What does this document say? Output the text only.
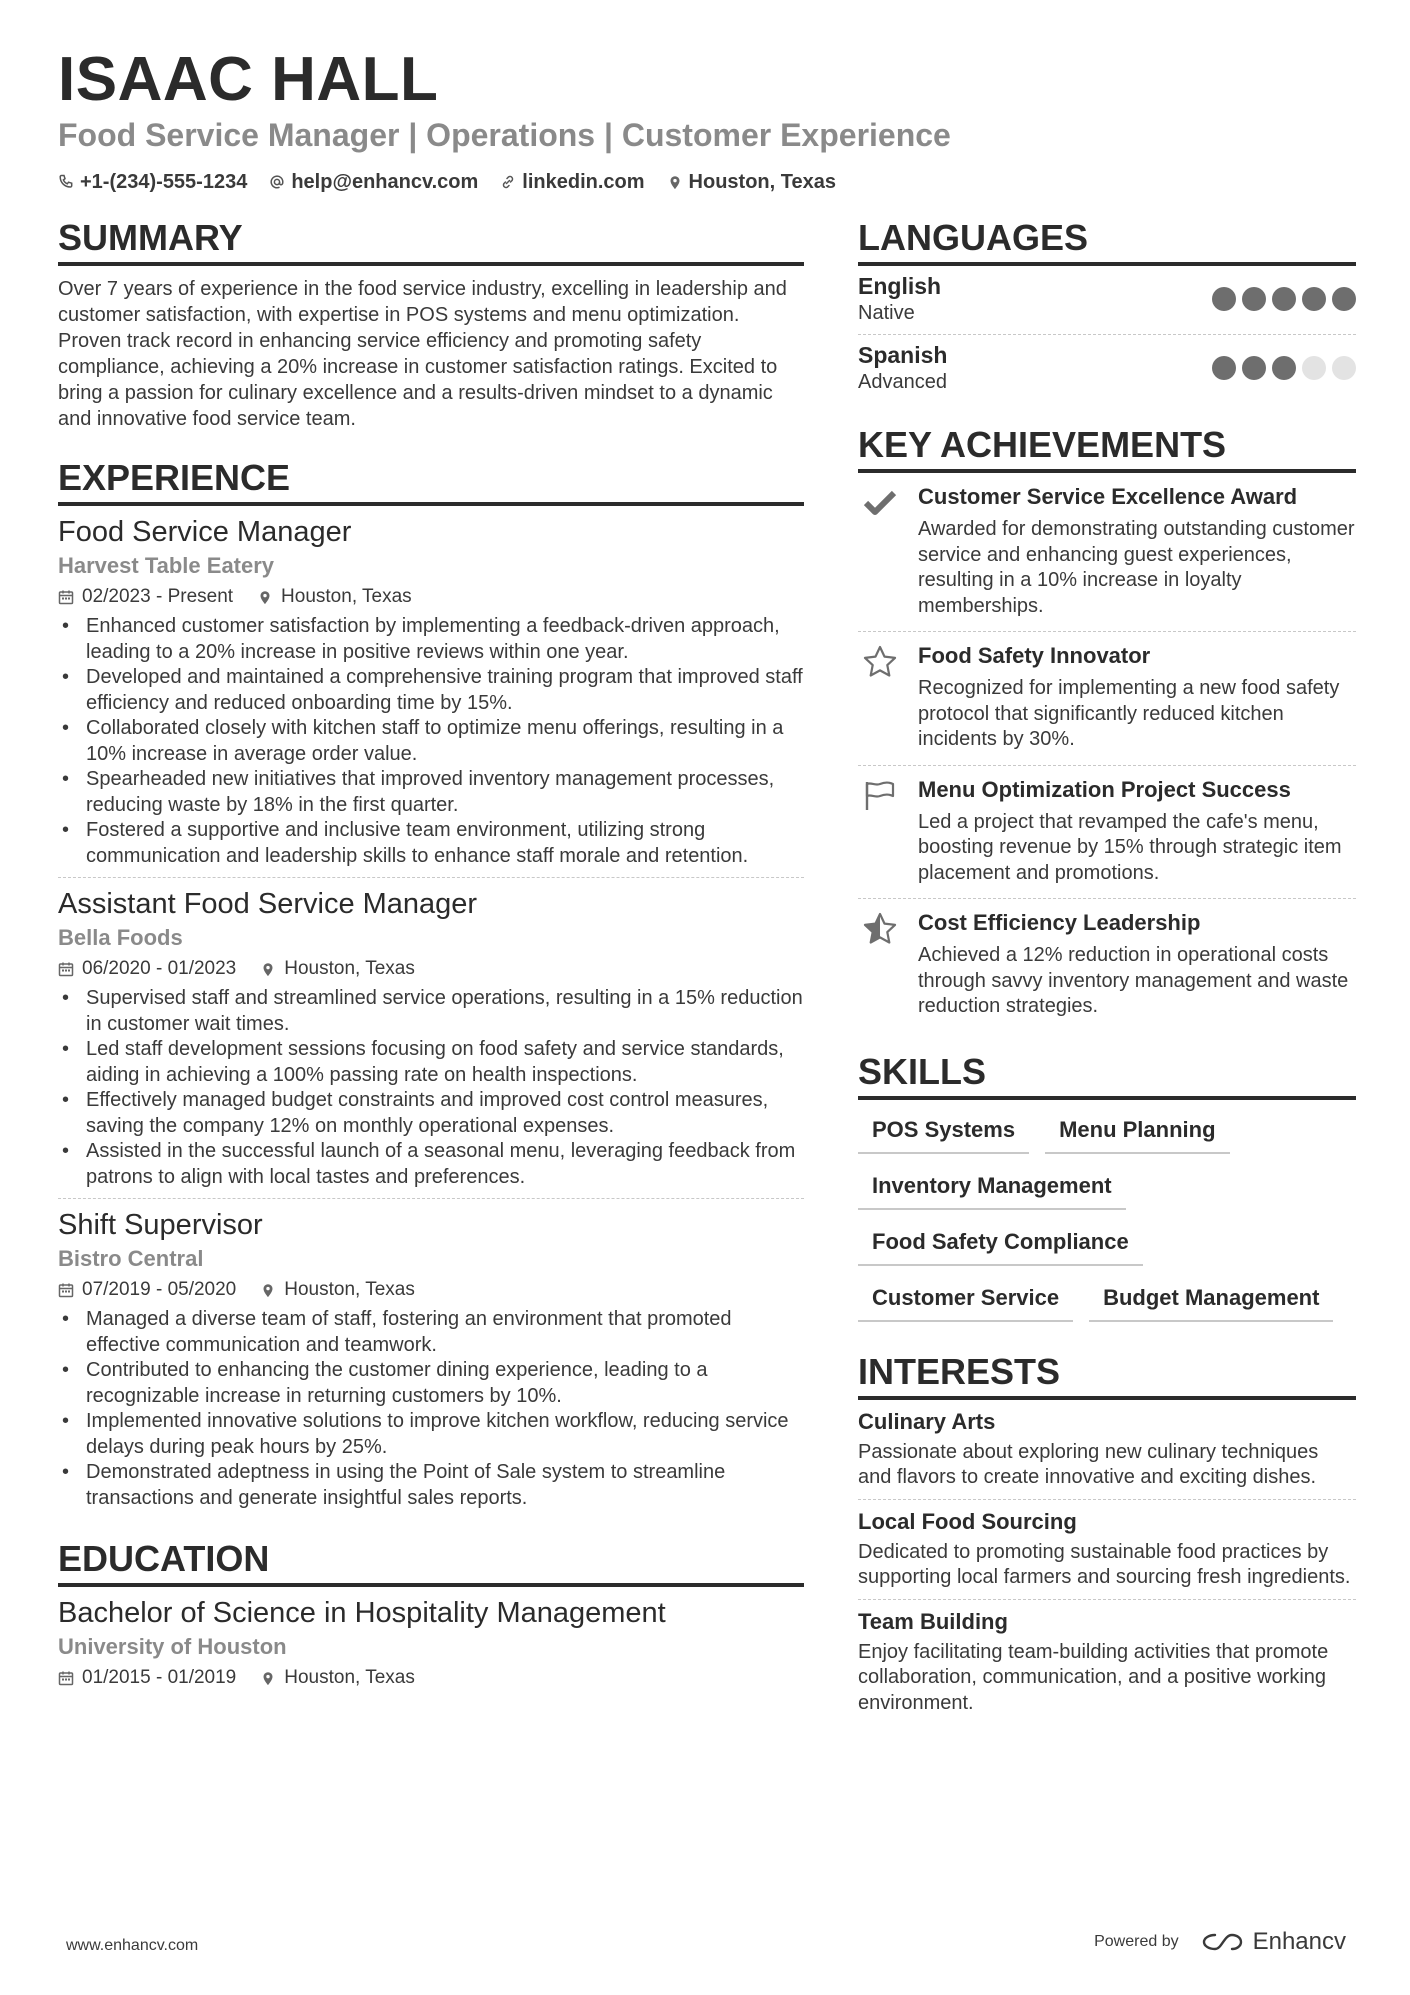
ISAAC HALL
Food Service Manager | Operations | Customer Experience
+1-(234)-555-1234 help@enhancv.com linkedin.com Houston, Texas
SUMMARY

Over 7 years of experience in the food service industry, excelling in leadership and customer satisfaction, with expertise in POS systems and menu optimization. Proven track record in enhancing service efficiency and promoting safety compliance, achieving a 20% increase in customer satisfaction ratings. Excited to bring a passion for culinary excellence and a results-driven mindset to a dynamic and innovative food service team.

EXPERIENCE
Food Service Manager
Harvest Table Eatery
02/2023 - Present	Houston, Texas
• Enhanced customer satisfaction by implementing a feedback-driven approach, leading to a 20% increase in positive reviews within one year.
• Developed and maintained a comprehensive training program that improved staff efficiency and reduced onboarding time by 15%.
• Collaborated closely with kitchen staff to optimize menu offerings, resulting in a 10% increase in average order value.
• Spearheaded new initiatives that improved inventory management processes, reducing waste by 18% in the first quarter.
• Fostered a supportive and inclusive team environment, utilizing strong communication and leadership skills to enhance staff morale and retention.
Assistant Food Service Manager
Bella Foods
06/2020 - 01/2023	Houston, Texas
• Supervised staff and streamlined service operations, resulting in a 15% reduction in customer wait times.
• Led staff development sessions focusing on food safety and service standards, aiding in achieving a 100% passing rate on health inspections.
• Effectively managed budget constraints and improved cost control measures, saving the company 12% on monthly operational expenses.
• Assisted in the successful launch of a seasonal menu, leveraging feedback from patrons to align with local tastes and preferences.
Shift Supervisor
Bistro Central
07/2019 - 05/2020	Houston, Texas
• Managed a diverse team of staff, fostering an environment that promoted effective communication and teamwork.
• Contributed to enhancing the customer dining experience, leading to a recognizable increase in returning customers by 10%.
• Implemented innovative solutions to improve kitchen workflow, reducing service delays during peak hours by 25%.
• Demonstrated adeptness in using the Point of Sale system to streamline transactions and generate insightful sales reports.
EDUCATION
Bachelor of Science in Hospitality Management
University of Houston
01/2015 - 01/2019	Houston, Texas
LANGUAGES
English
Native
Spanish
Advanced
KEY ACHIEVEMENTS
Customer Service Excellence Award
Awarded for demonstrating outstanding customer service and enhancing guest experiences, resulting in a 10% increase in loyalty memberships.
Food Safety Innovator
Recognized for implementing a new food safety protocol that significantly reduced kitchen incidents by 30%.
Menu Optimization Project Success
Led a project that revamped the cafe's menu, boosting revenue by 15% through strategic item placement and promotions.
Cost Efficiency Leadership
Achieved a 12% reduction in operational costs through savvy inventory management and waste reduction strategies.
SKILLS
POS Systems	Menu Planning
Inventory Management
Food Safety Compliance
Customer Service	Budget Management
INTERESTS
Culinary Arts
Passionate about exploring new culinary techniques and flavors to create innovative and exciting dishes.
Local Food Sourcing
Dedicated to promoting sustainable food practices by supporting local farmers and sourcing fresh ingredients.
Team Building
Enjoy facilitating team-building activities that promote collaboration, communication, and a positive working environment.
www.enhancv.com	Powered by	Enhancv
